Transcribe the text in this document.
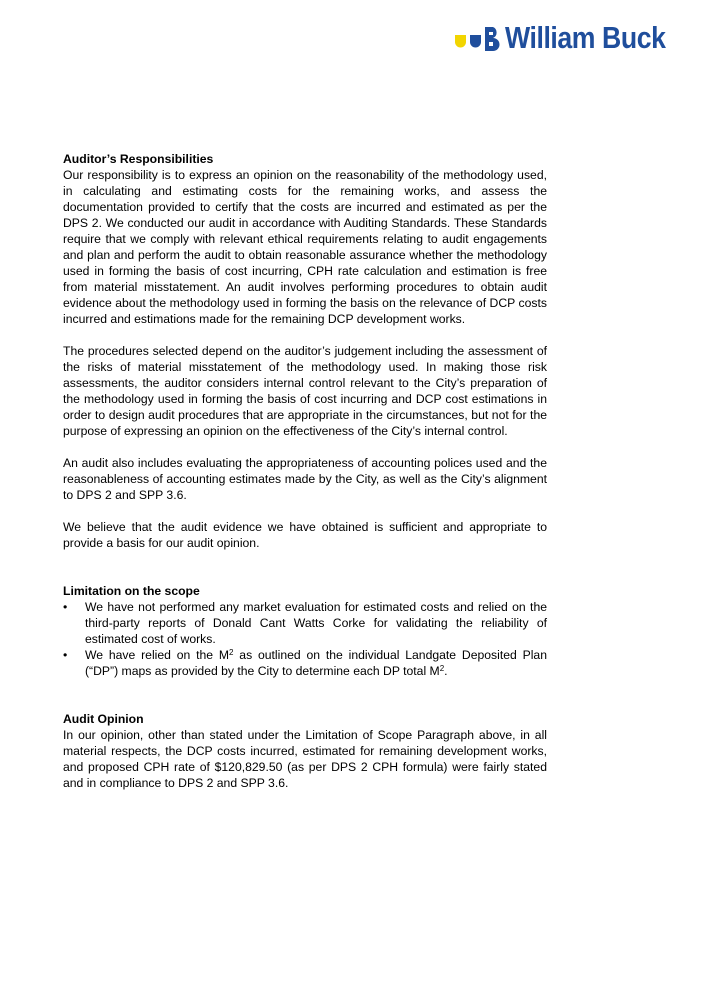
William Buck
Auditor’s Responsibilities

Our responsibility is to express an opinion on the reasonability of the methodology used, in calculating and estimating costs for the remaining works, and assess the documentation provided to certify that the costs are incurred and estimated as per the DPS 2. We conducted our audit in accordance with Auditing Standards. These Standards require that we comply with relevant ethical requirements relating to audit engagements and plan and perform the audit to obtain reasonable assurance whether the methodology used in forming the basis of cost incurring, CPH rate calculation and estimation is free from material misstatement. An audit involves performing procedures to obtain audit evidence about the methodology used in forming the basis on the relevance of DCP costs incurred and estimations made for the remaining DCP development works.

The procedures selected depend on the auditor’s judgement including the assessment of the risks of material misstatement of the methodology used. In making those risk assessments, the auditor considers internal control relevant to the City’s preparation of the methodology used in forming the basis of cost incurring and DCP cost estimations in order to design audit procedures that are appropriate in the circumstances, but not for the purpose of expressing an opinion on the effectiveness of the City’s internal control.

An audit also includes evaluating the appropriateness of accounting polices used and the reasonableness of accounting estimates made by the City, as well as the City’s alignment to DPS 2 and SPP 3.6.

We believe that the audit evidence we have obtained is sufficient and appropriate to provide a basis for our audit opinion.

Limitation on the scope
• We have not performed any market evaluation for estimated costs and relied on the third-party reports of Donald Cant Watts Corke for validating the reliability of estimated cost of works.
• We have relied on the $M^2$ as outlined on the individual Landgate Deposited Plan (“DP”) maps as provided by the City to determine each DP total $M^2$.
Audit Opinion

In our opinion, other than stated under the Limitation of Scope Paragraph above, in all material respects, the DCP costs incurred, estimated for remaining development works, and proposed CPH rate of $120,829.50 (as per DPS 2 CPH formula) were fairly stated and in compliance to DPS 2 and SPP 3.6.
